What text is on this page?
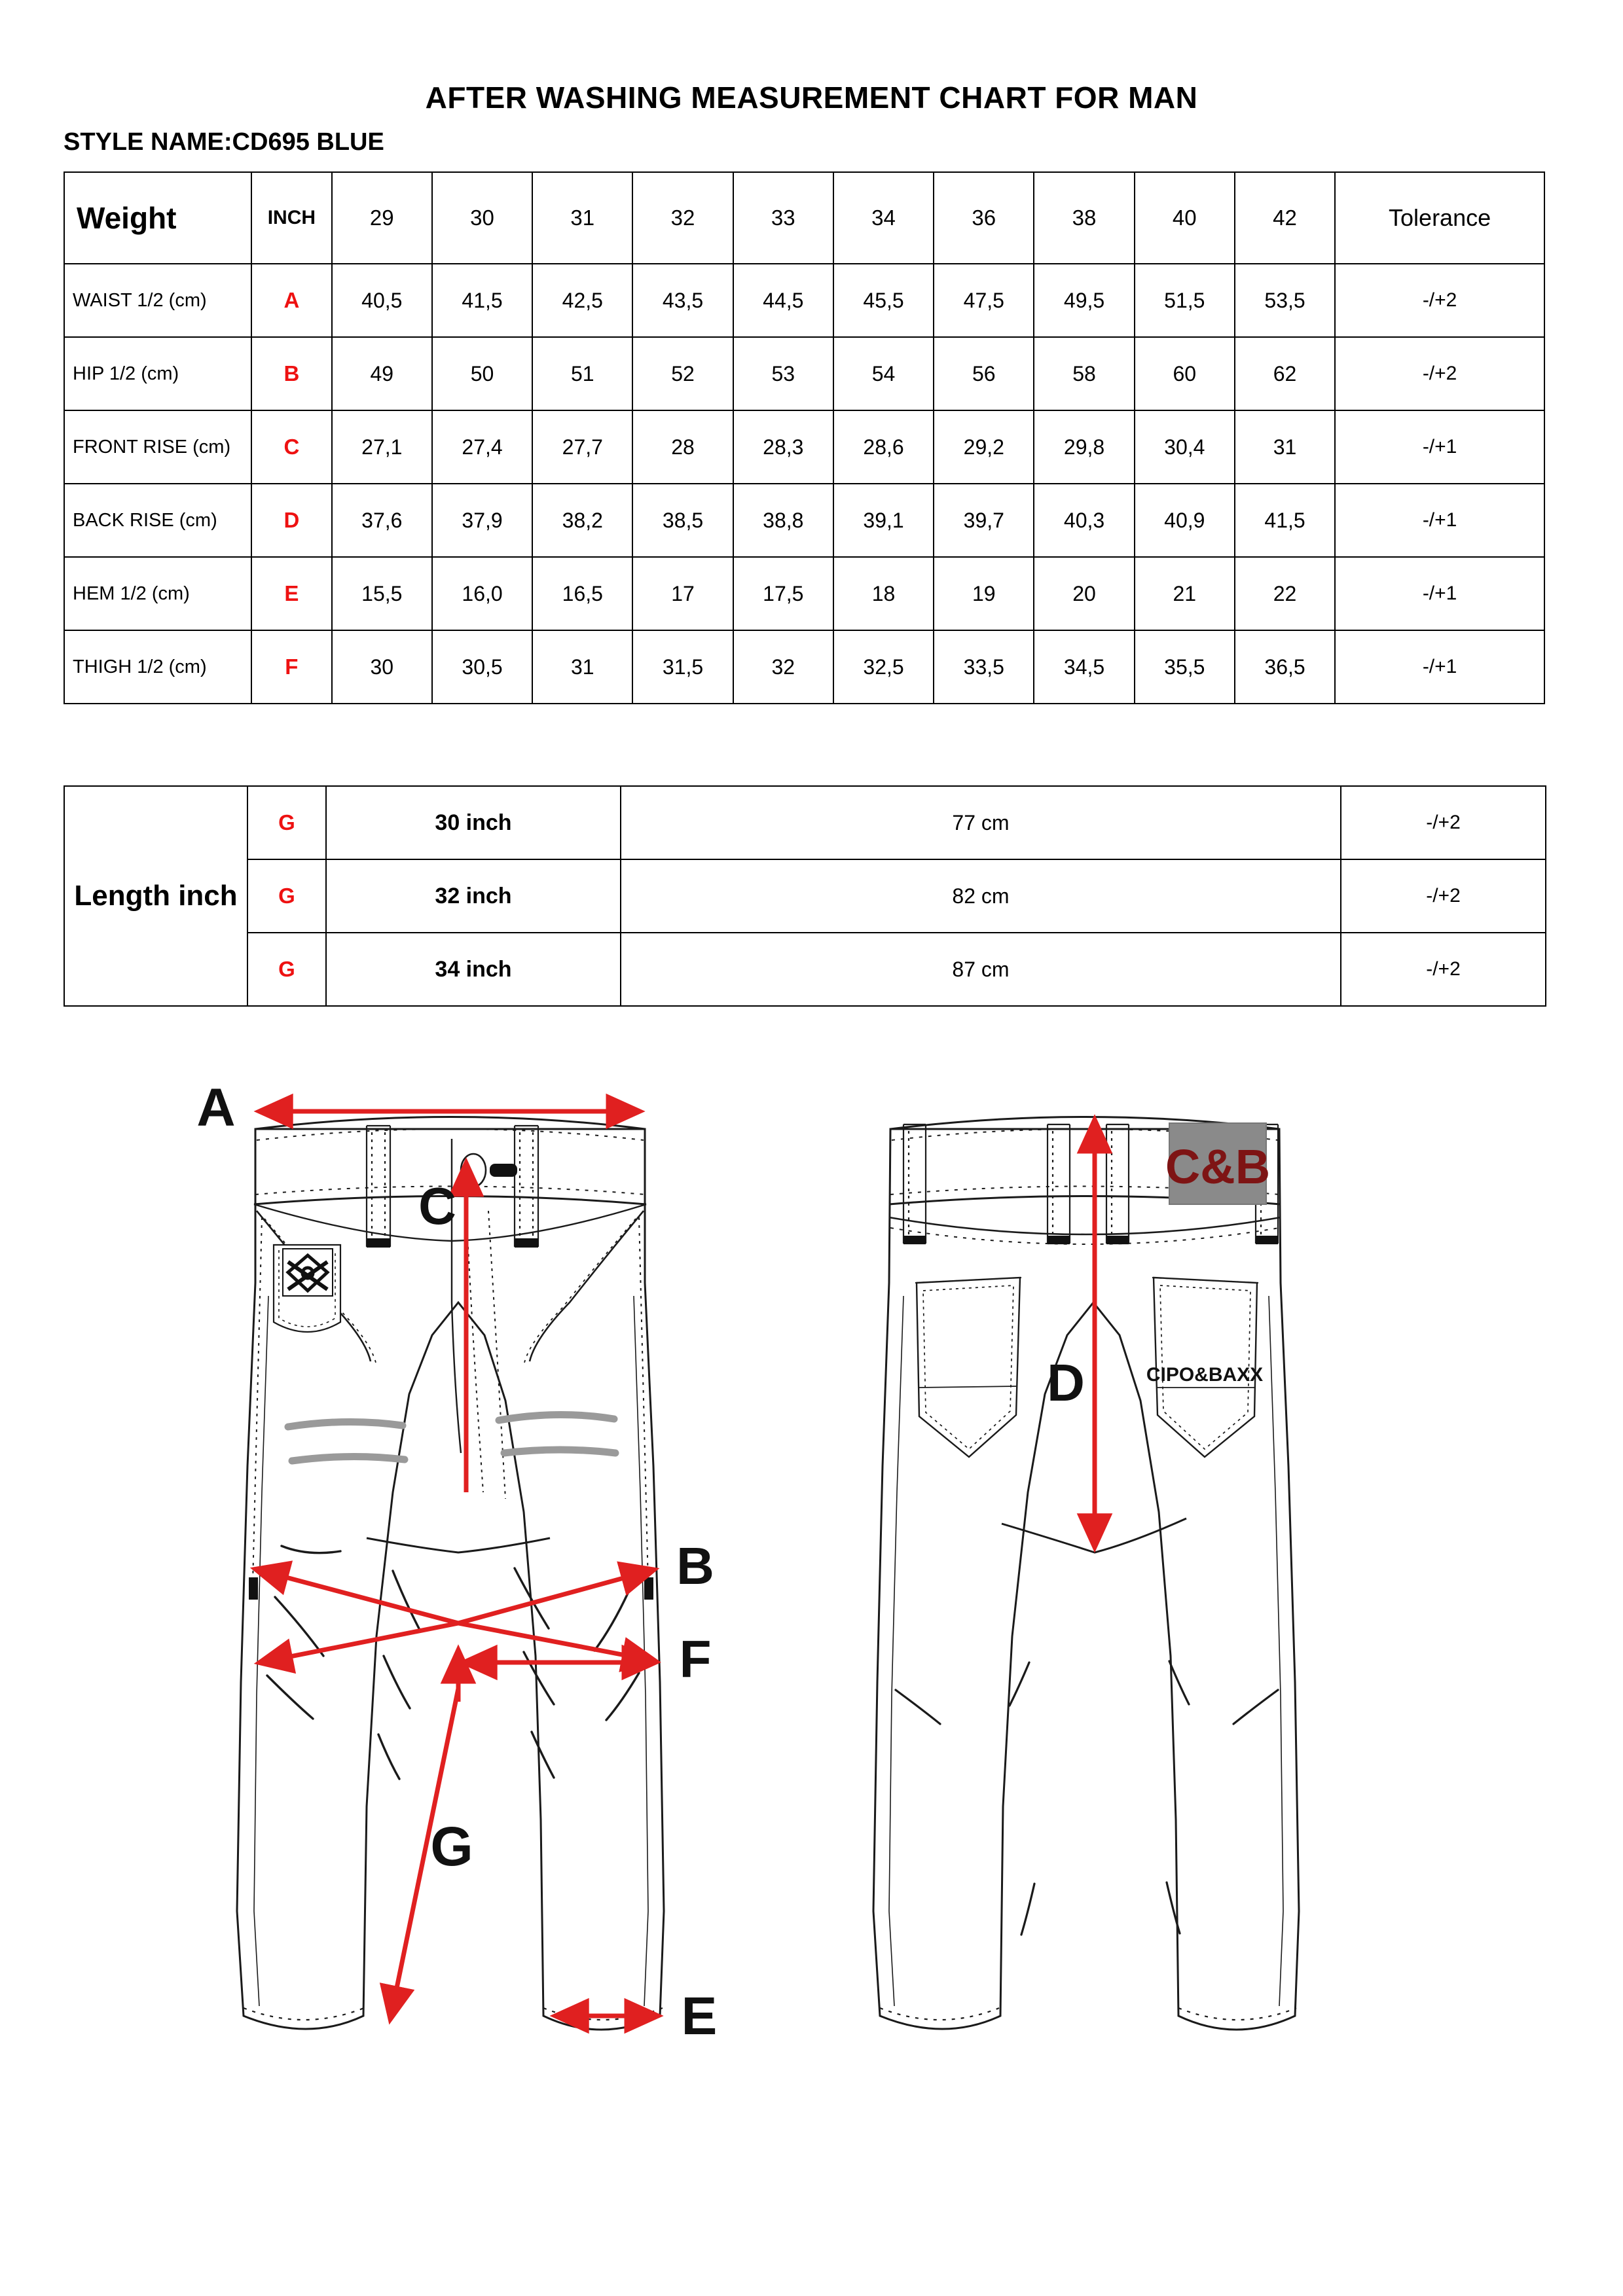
AFTER WASHING MEASUREMENT CHART FOR MAN
STYLE NAME:CD695 BLUE
Weight	INCH	29	30	31	32	33	34	36	38	40	42	Tolerance
WAIST 1/2 (cm)	A	40,5	41,5	42,5	43,5	44,5	45,5	47,5	49,5	51,5	53,5	-/+2
HIP 1/2 (cm)	B	49	50	51	52	53	54	56	58	60	62	-/+2
FRONT RISE (cm)	C	27,1	27,4	27,7	28	28,3	28,6	29,2	29,8	30,4	31	-/+1
BACK RISE (cm)	D	37,6	37,9	38,2	38,5	38,8	39,1	39,7	40,3	40,9	41,5	-/+1
HEM 1/2 (cm)	E	15,5	16,0	16,5	17	17,5	18	19	20	21	22	-/+1
THIGH 1/2 (cm)	F	30	30,5	31	31,5	32	32,5	33,5	34,5	35,5	36,5	-/+1
Length inch	G	30 inch	77 cm	-/+2
	G	32 inch	82 cm	-/+2
	G	34 inch	87 cm	-/+2
A
C
B
F
G
E
C&B
CIPO&BAXX
D
